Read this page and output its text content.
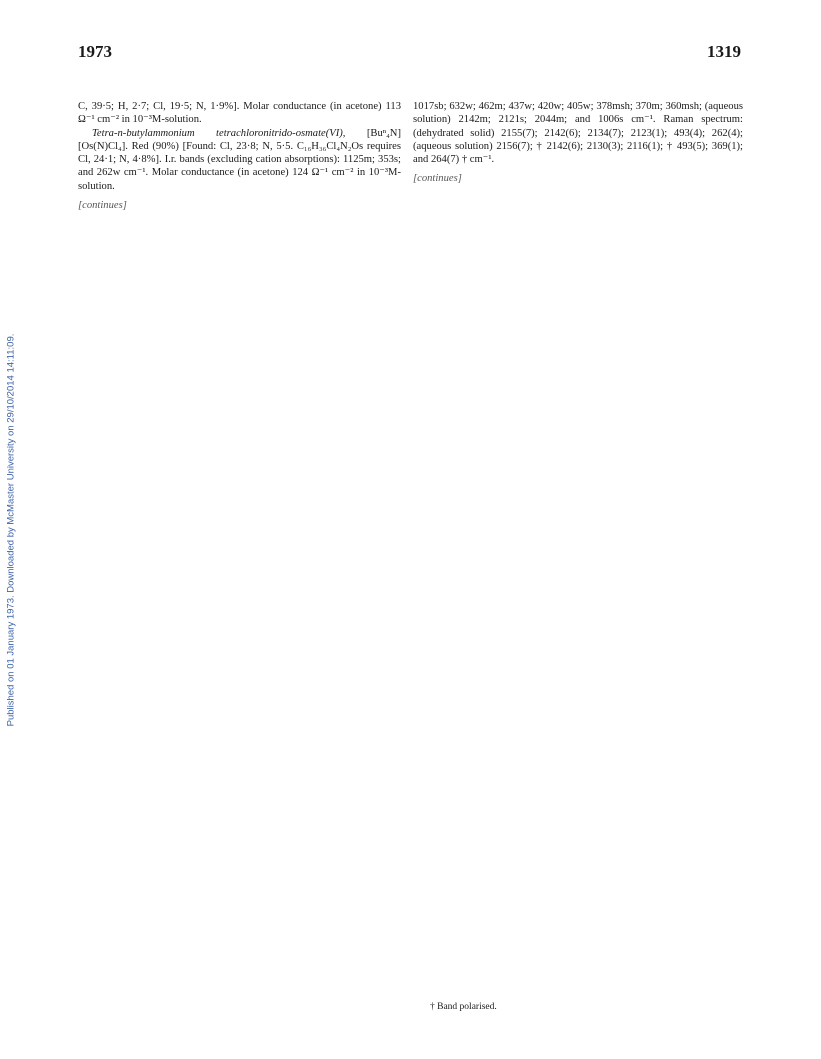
1973	1319
Published on 01 January 1973. Downloaded by McMaster University on 29/10/2014 14:11:09.

C, 39·5; H, 2·7; Cl, 19·5; N, 1·9%]. Molar conductance (in acetone) 113 Ω⁻¹ cm⁻² in 10⁻³M-solution.

Tetra-n-butylammonium tetrachloronitrido-osmate(VI), [Buⁿ₄N][Os(N)Cl₄]. Red (90%) [Found: Cl, 23·8; N, 5·5. C₁₆H₃₆Cl₄N₂Os requires Cl, 24·1; N, 4·8%]. I.r. bands (excluding cation absorptions): 1125m; 353s; and 262w cm⁻¹. Molar conductance (in acetone) 124 Ω⁻¹ cm⁻² in 10⁻³M-solution.

[continues]

1017sb; 632w; 462m; 437w; 420w; 405w; 378msh; 370m; 360msh; (aqueous solution) 2142m; 2121s; 2044m; and 1006s cm⁻¹. Raman spectrum: (dehydrated solid) 2155(7); 2142(6); 2134(7); 2123(1); 493(4); 262(4); (aqueous solution) 2156(7); † 2142(6); 2130(3); 2116(1); † 493(5); 369(1); and 264(7) † cm⁻¹.

[continues]
† Band polarised.
